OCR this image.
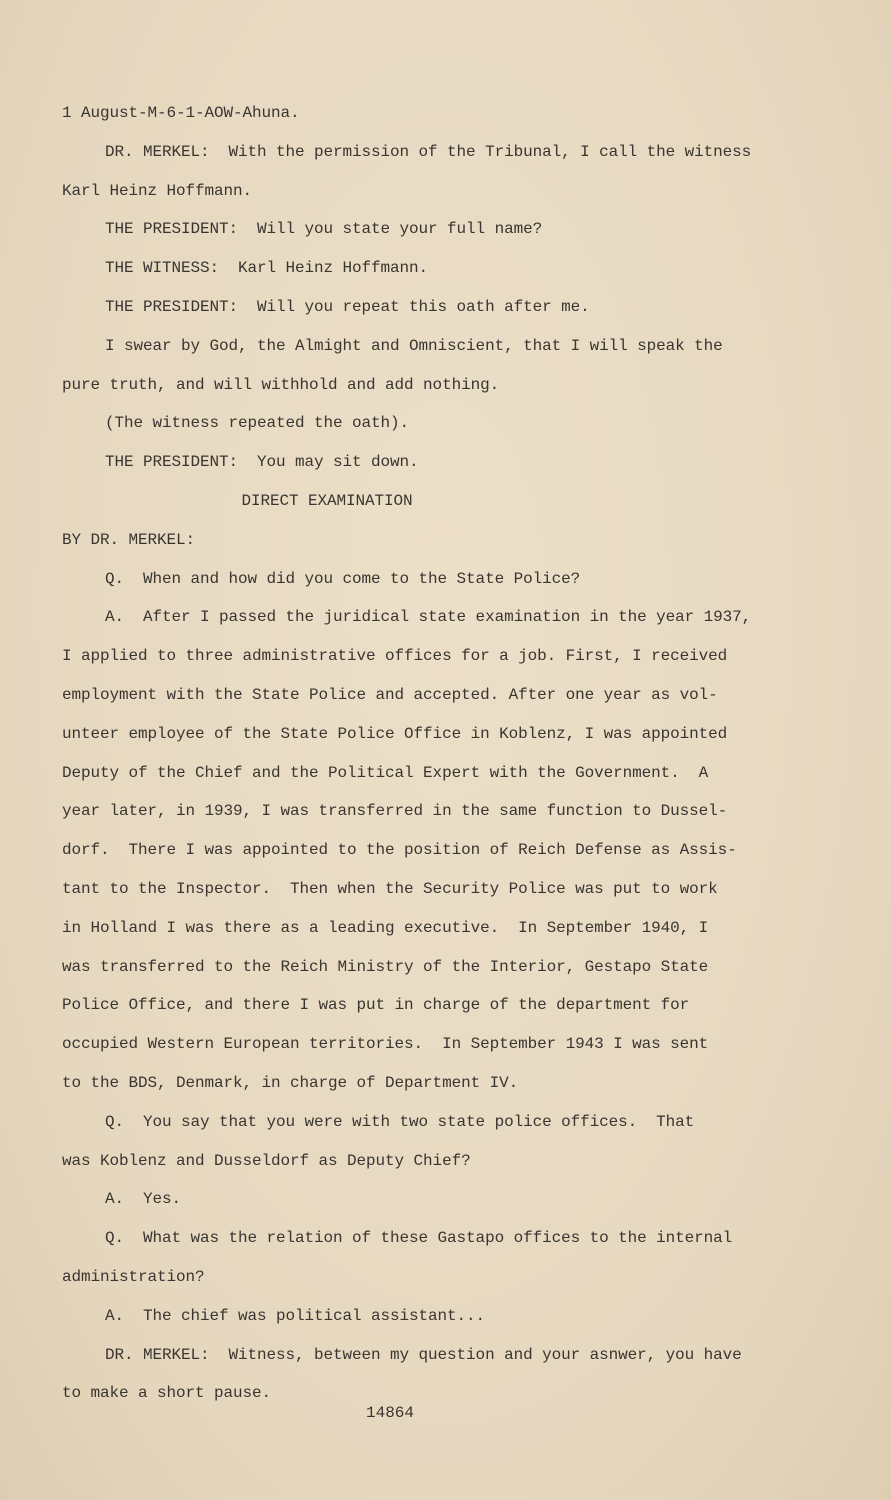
1 August-M-6-1-AOW-Ahuna.
DR. MERKEL:  With the permission of the Tribunal, I call the witness
Karl Heinz Hoffmann.
THE PRESIDENT:  Will you state your full name?
THE WITNESS:  Karl Heinz Hoffmann.
THE PRESIDENT:  Will you repeat this oath after me.
I swear by God, the Almight and Omniscient, that I will speak the
pure truth, and will withhold and add nothing.
(The witness repeated the oath).
THE PRESIDENT:  You may sit down.
DIRECT EXAMINATION
BY DR. MERKEL:
Q.  When and how did you come to the State Police?
A.  After I passed the juridical state examination in the year 1937,
I applied to three administrative offices for a job. First, I received
employment with the State Police and accepted. After one year as vol-
unteer employee of the State Police Office in Koblenz, I was appointed
Deputy of the Chief and the Political Expert with the Government.  A
year later, in 1939, I was transferred in the same function to Dussel-
dorf.  There I was appointed to the position of Reich Defense as Assis-
tant to the Inspector.  Then when the Security Police was put to work
in Holland I was there as a leading executive.  In September 1940, I
was transferred to the Reich Ministry of the Interior, Gestapo State
Police Office, and there I was put in charge of the department for
occupied Western European territories.  In September 1943 I was sent
to the BDS, Denmark, in charge of Department IV.
Q.  You say that you were with two state police offices.  That
was Koblenz and Dusseldorf as Deputy Chief?
A.  Yes.
Q.  What was the relation of these Gastapo offices to the internal
administration?
A.  The chief was political assistant...
DR. MERKEL:  Witness, between my question and your asnwer, you have
to make a short pause.
14864
